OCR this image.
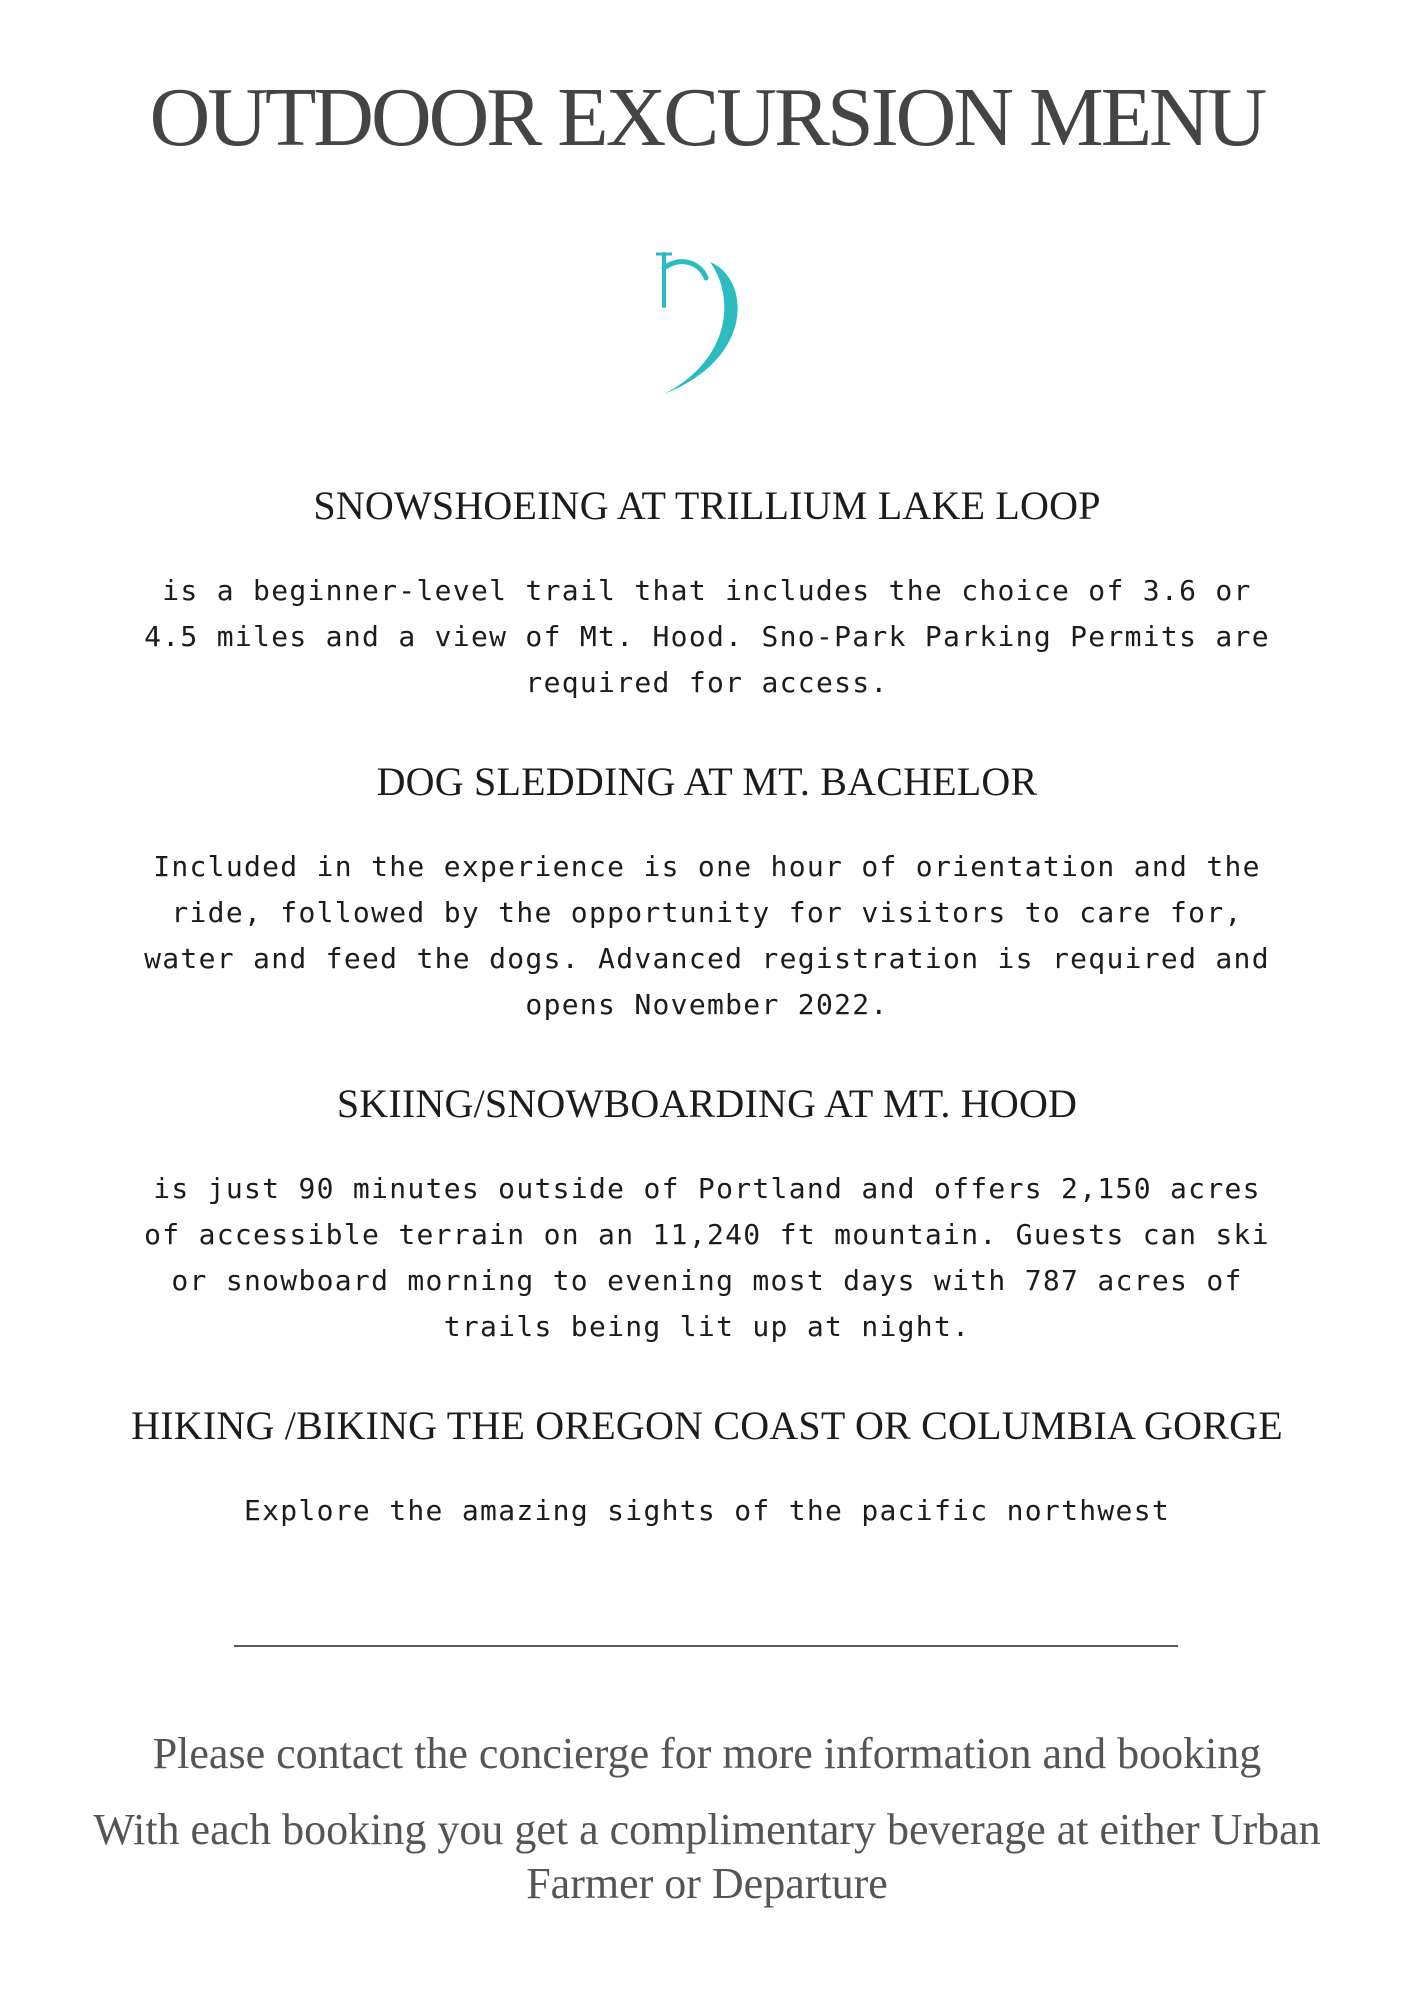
OUTDOOR EXCURSION MENU
SNOWSHOEING AT TRILLIUM LAKE LOOP

is a beginner-level trail that includes the choice of 3.6 or 4.5 miles and a view of Mt. Hood. Sno-Park Parking Permits are required for access.

DOG SLEDDING AT MT. BACHELOR

Included in the experience is one hour of orientation and the ride, followed by the opportunity for visitors to care for, water and feed the dogs. Advanced registration is required and opens November 2022.

SKIING/SNOWBOARDING AT MT. HOOD

is just 90 minutes outside of Portland and offers 2,150 acres of accessible terrain on an 11,240 ft mountain. Guests can ski or snowboard morning to evening most days with 787 acres of trails being lit up at night.

HIKING /BIKING THE OREGON COAST OR COLUMBIA GORGE

Explore the amazing sights of the pacific northwest

Please contact the concierge for more information and booking

With each booking you get a complimentary beverage at either Urban Farmer or Departure
